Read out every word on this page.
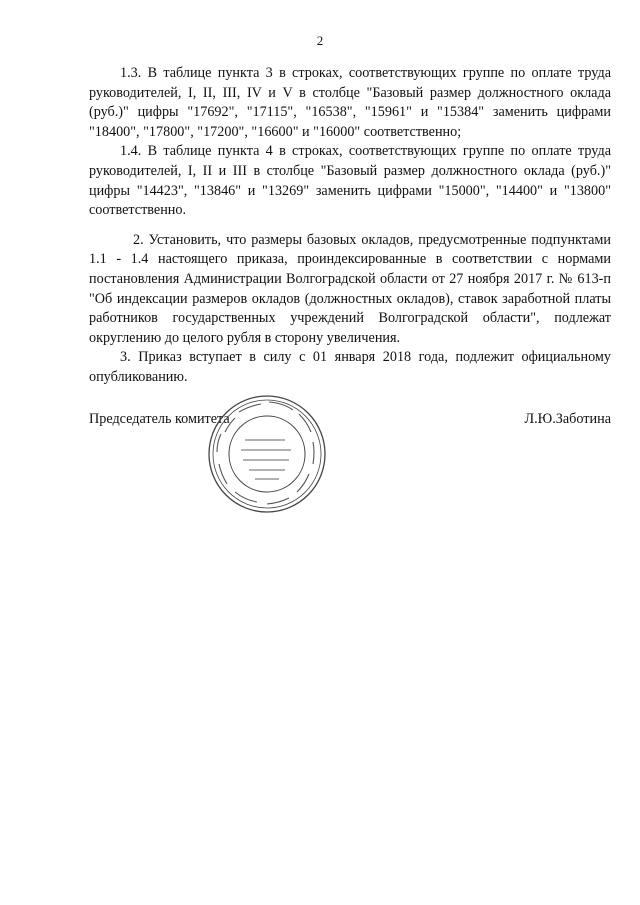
2

1.3. В таблице пункта 3 в строках, соответствующих группе по оплате труда руководителей, I, II, III, IV и V в столбце "Базовый размер должностного оклада (руб.)" цифры "17692", "17115", "16538", "15961" и "15384" заменить цифрами "18400", "17800", "17200", "16600" и "16000" соответственно;

1.4. В таблице пункта 4 в строках, соответствующих группе по оплате труда руководителей, I, II и III в столбце "Базовый размер должностного оклада (руб.)" цифры "14423", "13846" и "13269" заменить цифрами "15000", "14400" и "13800" соответственно.

2. Установить, что размеры базовых окладов, предусмотренные подпунктами 1.1 - 1.4 настоящего приказа, проиндексированные в соответствии с нормами постановления Администрации Волгоградской области от 27 ноября 2017 г. № 613-п "Об индексации размеров окладов (должностных окладов), ставок заработной платы работников государственных учреждений Волгоградской области", подлежат округлению до целого рубля в сторону увеличения.

3. Приказ вступает в силу с 01 января 2018 года, подлежит официальному опубликованию.

Председатель комитета	Л.Ю.Заботина
